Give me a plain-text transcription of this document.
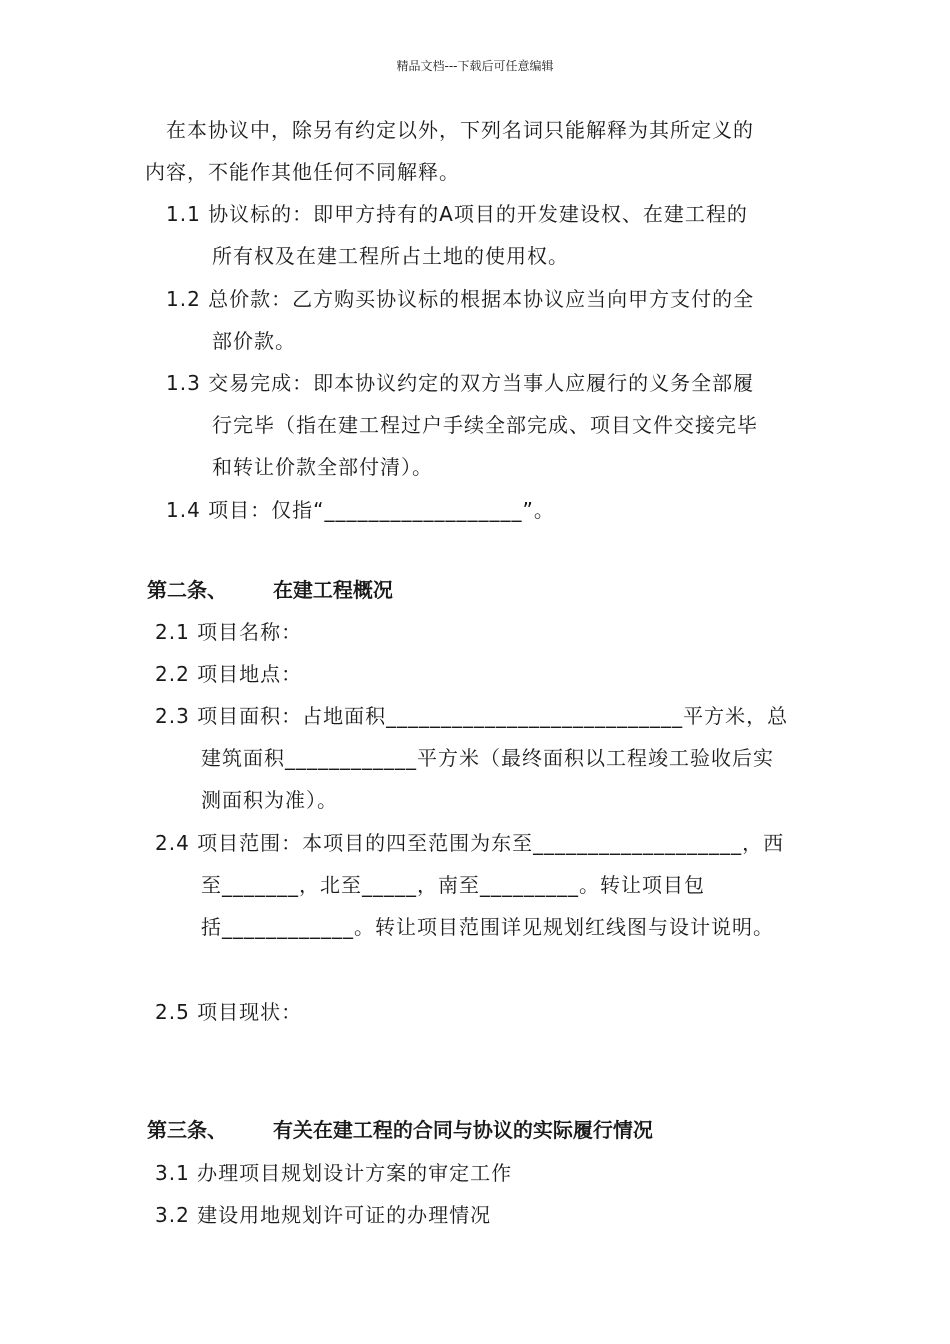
精品文档---下载后可任意编辑
在本协议中，除另有约定以外，下列名词只能解释为其所定义的
内容，不能作其他任何不同解释。
1.1 协议标的：即甲方持有的A项目的开发建设权、在建工程的
所有权及在建工程所占土地的使用权。
1.2 总价款：乙方购买协议标的根据本协议应当向甲方支付的全
部价款。
1.3 交易完成：即本协议约定的双方当事人应履行的义务全部履
行完毕（指在建工程过户手续全部完成、项目文件交接完毕
和转让价款全部付清）。
1.4 项目：仅指“__________________”。
第二条、 在建工程概况
2.1 项目名称：
2.2 项目地点：
2.3 项目面积：占地面积___________________________平方米，总
建筑面积____________平方米（最终面积以工程竣工验收后实
测面积为准）。
2.4 项目范围：本项目的四至范围为东至___________________，西
至_______，北至_____，南至_________。转让项目包
括____________。转让项目范围详见规划红线图与设计说明。
2.5 项目现状：
第三条、 有关在建工程的合同与协议的实际履行情况
3.1 办理项目规划设计方案的审定工作
3.2 建设用地规划许可证的办理情况
